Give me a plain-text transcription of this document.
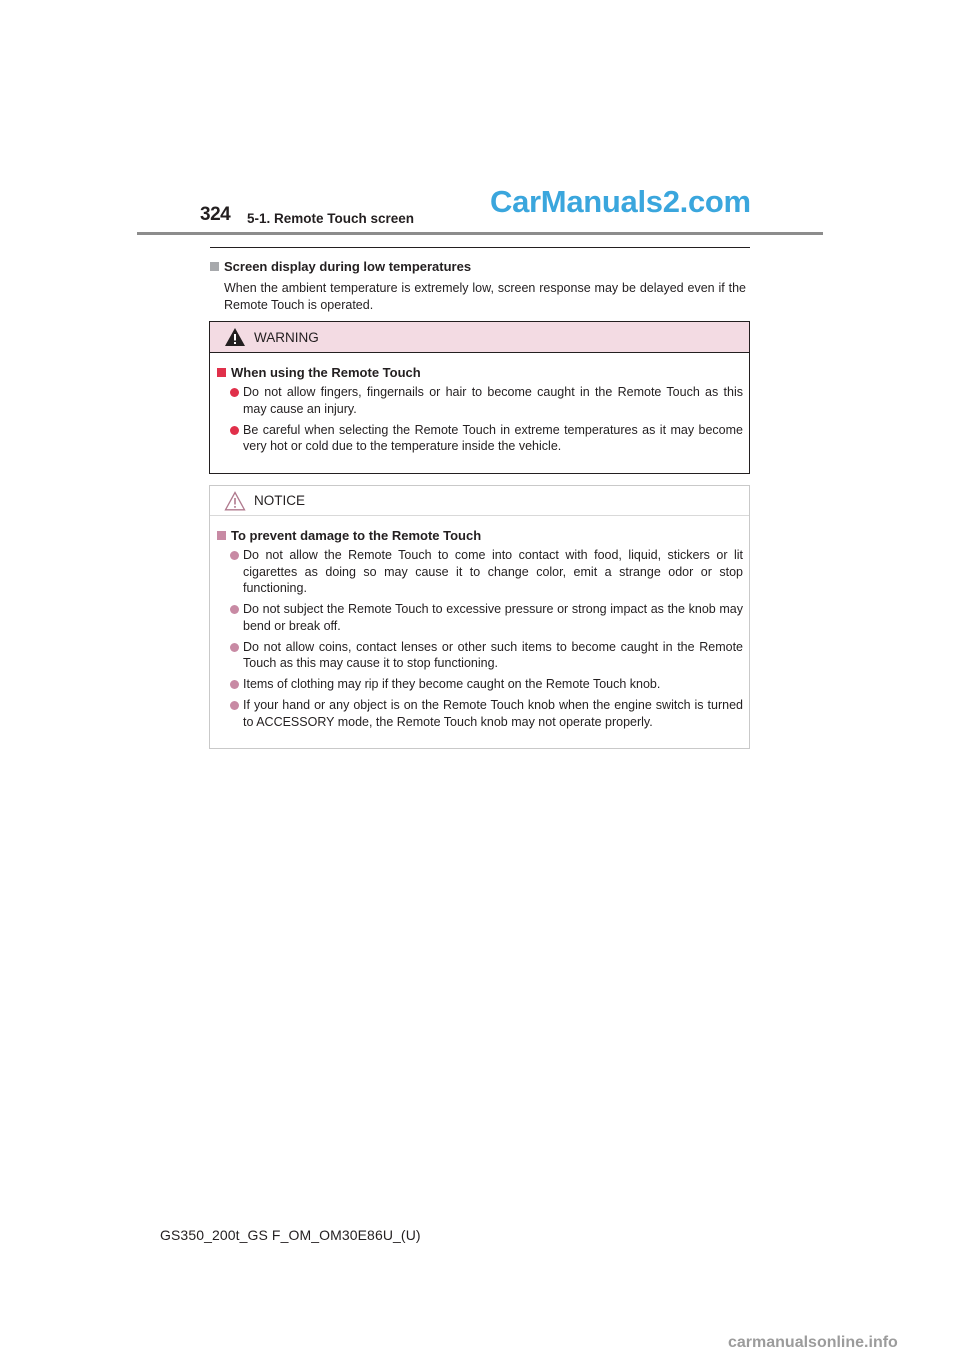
324 5-1. Remote Touch screen CarManuals2.com
Screen display during low temperatures
When the ambient temperature is extremely low, screen response may be delayed even if the Remote Touch is operated.
WARNING
When using the Remote Touch
Do not allow fingers, fingernails or hair to become caught in the Remote Touch as this may cause an injury.
Be careful when selecting the Remote Touch in extreme temperatures as it may become very hot or cold due to the temperature inside the vehicle.
NOTICE
To prevent damage to the Remote Touch
Do not allow the Remote Touch to come into contact with food, liquid, stickers or lit cigarettes as doing so may cause it to change color, emit a strange odor or stop functioning.
Do not subject the Remote Touch to excessive pressure or strong impact as the knob may bend or break off.
Do not allow coins, contact lenses or other such items to become caught in the Remote Touch as this may cause it to stop functioning.
Items of clothing may rip if they become caught on the Remote Touch knob.
If your hand or any object is on the Remote Touch knob when the engine switch is turned to ACCESSORY mode, the Remote Touch knob may not operate properly.
GS350_200t_GS F_OM_OM30E86U_(U)
carmanualsonline.info
